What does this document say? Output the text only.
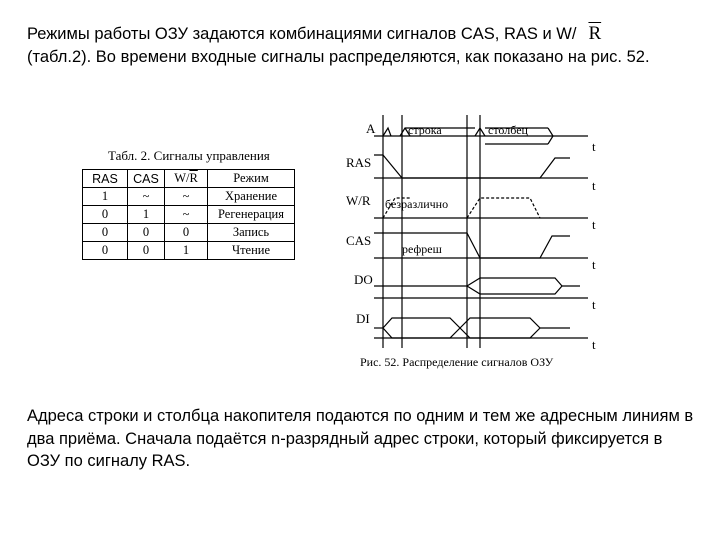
Режимы работы ОЗУ задаются комбинациями сигналов CAS, RAS и W/ $\overline{R}$
(табл.2). Во времени входные сигналы распределяются, как показано на рис. 52.
Табл. 2. Сигналы управления
RAS	CAS	$W/\overline{R}$	Режим
1	~	~	Хранение
0	1	~	Регенерация
0	0	0	Запись
0	0	1	Чтение
A
RAS
W/R
CAS
DO
DI
t
t
t
t
t
t
строка	столбец
безразлично
рефреш
Рис. 52. Распределение сигналов ОЗУ
Адреса строки и столбца накопителя подаются по одним и тем же адресным линиям в два приёма. Сначала подаётся n-разрядный адрес строки, который фиксируется в ОЗУ по сигналу RAS.
